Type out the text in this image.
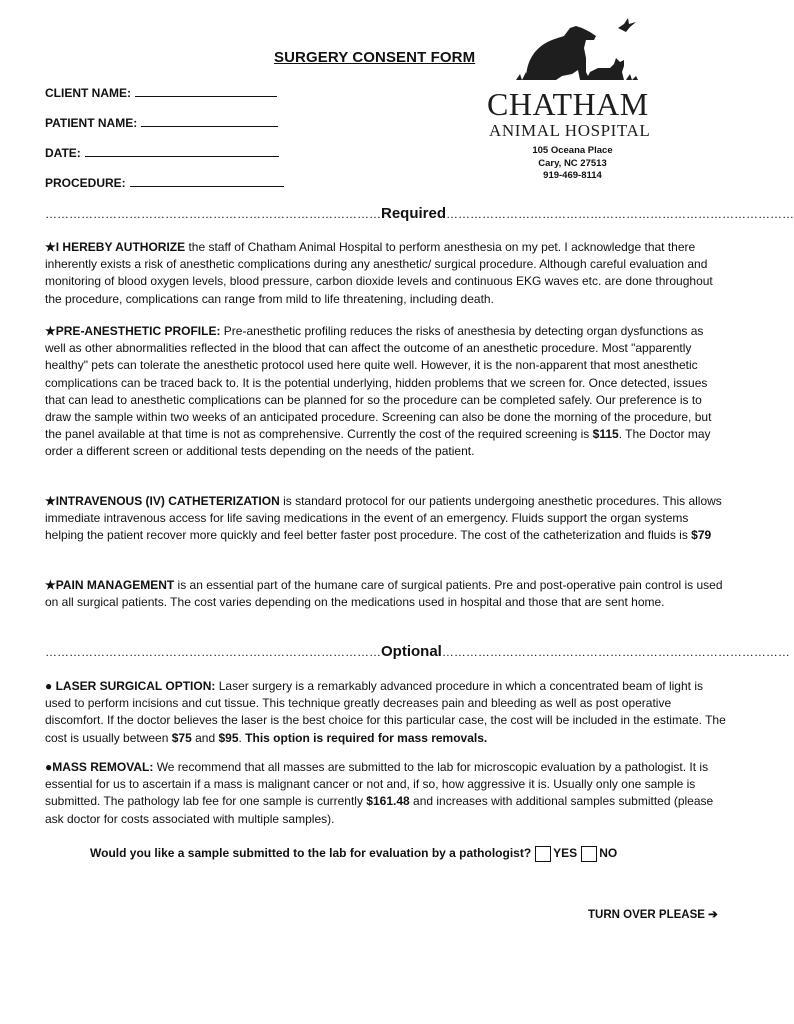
SURGERY CONSENT FORM
CLIENT NAME:
PATIENT NAME:
DATE:
PROCEDURE:
CHATHAM
ANIMAL HOSPITAL
105 Oceana Place
Cary, NC 27513
919-469-8114
…………………………………………………………………………Required……………………………………………………………………………
★I HEREBY AUTHORIZE the staff of Chatham Animal Hospital to perform anesthesia on my pet. I acknowledge that there inherently exists a risk of anesthetic complications during any anesthetic/ surgical procedure. Although careful evaluation and monitoring of blood oxygen levels, blood pressure, carbon dioxide levels and continuous EKG waves etc. are done throughout the procedure, complications can range from mild to life threatening, including death.
★PRE-ANESTHETIC PROFILE: Pre-anesthetic profiling reduces the risks of anesthesia by detecting organ dysfunctions as well as other abnormalities reflected in the blood that can affect the outcome of an anesthetic procedure. Most "apparently healthy" pets can tolerate the anesthetic protocol used here quite well. However, it is the non-apparent that most anesthetic complications can be traced back to. It is the potential underlying, hidden problems that we screen for. Once detected, issues that can lead to anesthetic complications can be planned for so the procedure can be completed safely. Our preference is to draw the sample within two weeks of an anticipated procedure. Screening can also be done the morning of the procedure, but the panel available at that time is not as comprehensive. Currently the cost of the required screening is $115. The Doctor may order a different screen or additional tests depending on the needs of the patient.
★INTRAVENOUS (IV) CATHETERIZATION is standard protocol for our patients undergoing anesthetic procedures. This allows immediate intravenous access for life saving medications in the event of an emergency. Fluids support the organ systems helping the patient recover more quickly and feel better faster post procedure. The cost of the catheterization and fluids is $79
★PAIN MANAGEMENT is an essential part of the humane care of surgical patients. Pre and post-operative pain control is used on all surgical patients. The cost varies depending on the medications used in hospital and those that are sent home.
…………………………………………………………………………Optional……………………………………………………………………………
● LASER SURGICAL OPTION: Laser surgery is a remarkably advanced procedure in which a concentrated beam of light is used to perform incisions and cut tissue. This technique greatly decreases pain and bleeding as well as post operative discomfort. If the doctor believes the laser is the best choice for this particular case, the cost will be included in the estimate. The cost is usually between $75 and $95. This option is required for mass removals.
●MASS REMOVAL: We recommend that all masses are submitted to the lab for microscopic evaluation by a pathologist. It is essential for us to ascertain if a mass is malignant cancer or not and, if so, how aggressive it is. Usually only one sample is submitted. The pathology lab fee for one sample is currently $161.48 and increases with additional samples submitted (please ask doctor for costs associated with multiple samples).
Would you like a sample submitted to the lab for evaluation by a pathologist? YES NO
TURN OVER PLEASE ➔
